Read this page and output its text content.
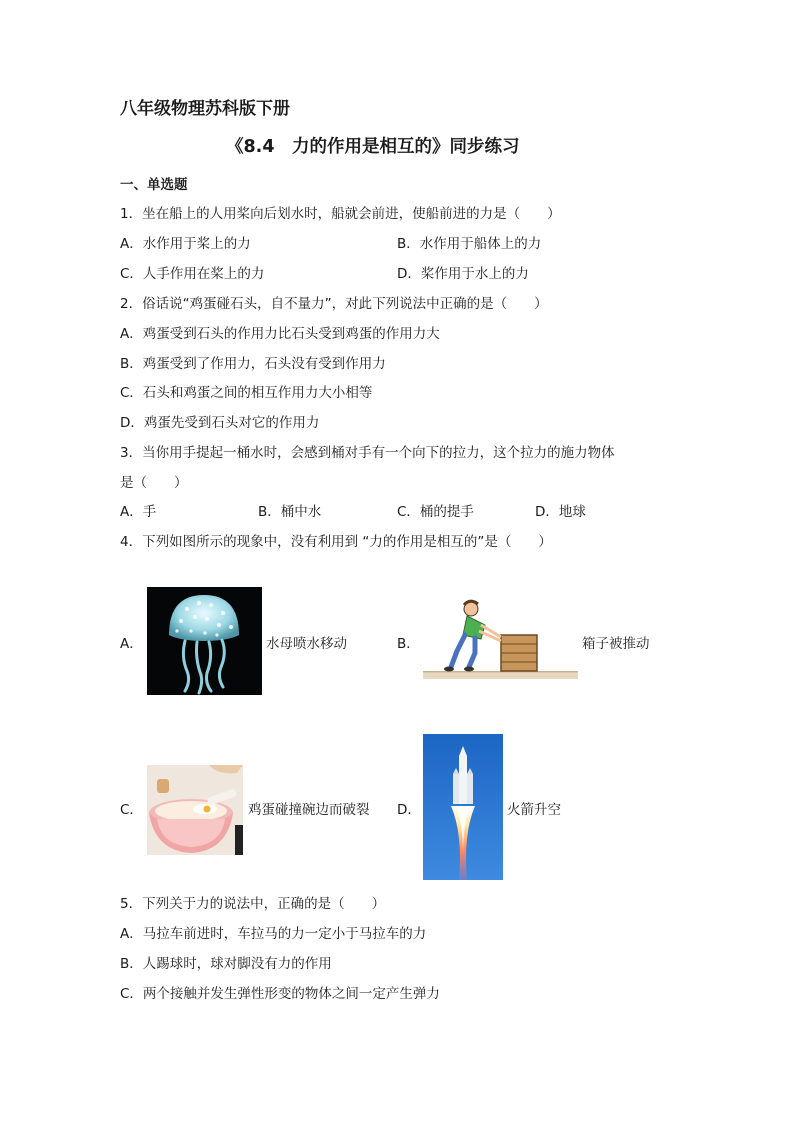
八年级物理苏科版下册
《8.4　力的作用是相互的》同步练习
一、单选题
1．坐在船上的人用桨向后划水时，船就会前进，使船前进的力是（　　）
A．水作用于桨上的力	B．水作用于船体上的力
C．人手作用在桨上的力	D．桨作用于水上的力
2．俗话说“鸡蛋碰石头，自不量力”，对此下列说法中正确的是（　　）
A．鸡蛋受到石头的作用力比石头受到鸡蛋的作用力大
B．鸡蛋受到了作用力，石头没有受到作用力
C．石头和鸡蛋之间的相互作用力大小相等
D．鸡蛋先受到石头对它的作用力
3．当你用手提起一桶水时，会感到桶对手有一个向下的拉力，这个拉力的施力物体
是（　　）
A．手	B．桶中水	C．桶的提手	D．地球
4．下列如图所示的现象中，没有利用到 “力的作用是相互的”是（　　）
A．	水母喷水移动	B．	箱子被推动
C．	鸡蛋碰撞碗边而破裂 D．	火箭升空
5．下列关于力的说法中，正确的是（　　）
A．马拉车前进时，车拉马的力一定小于马拉车的力
B．人踢球时，球对脚没有力的作用
C．两个接触并发生弹性形变的物体之间一定产生弹力
